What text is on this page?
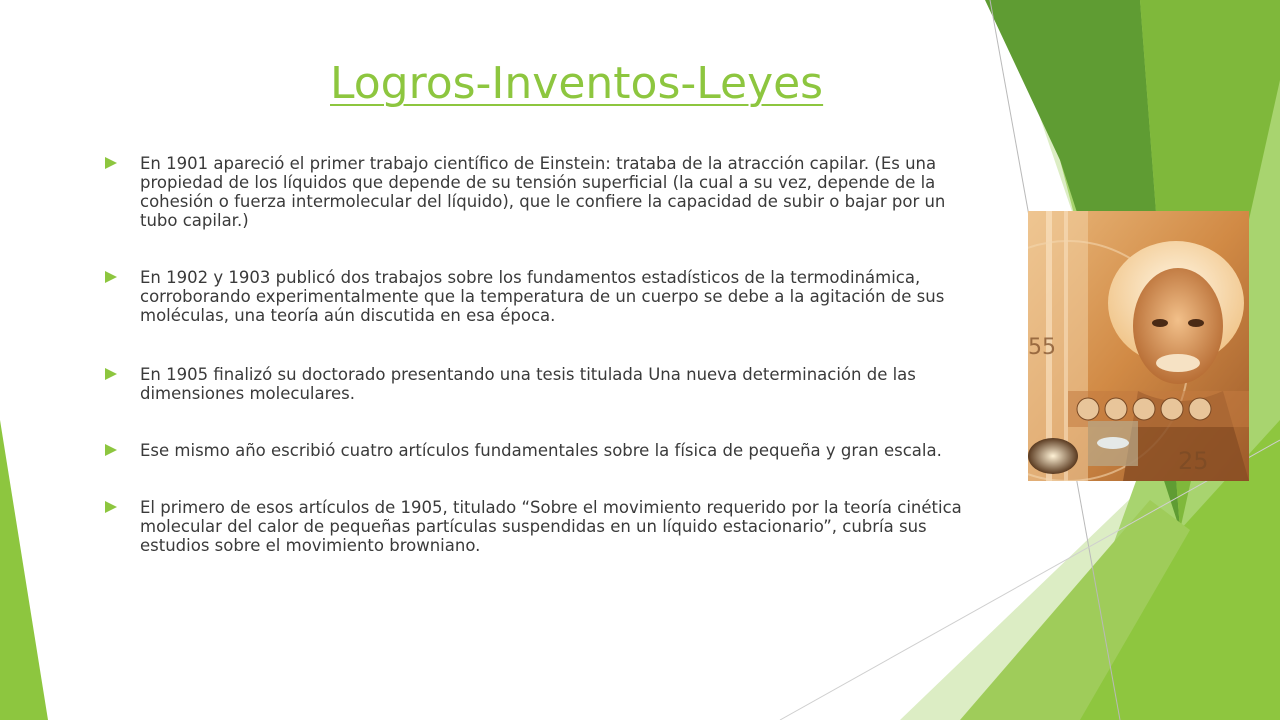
Logros-Inventos-Leyes
En 1901 apareció el primer trabajo científico de Einstein: trataba de la atracción capilar. (Es una propiedad de los líquidos que depende de su tensión superficial (la cual a su vez, depende de la cohesión o fuerza intermolecular del líquido), que le confiere la capacidad de subir o bajar por un tubo capilar.)
En 1902 y 1903 publicó dos trabajos sobre los fundamentos estadísticos de la termodinámica, corroborando experimentalmente que la temperatura de un cuerpo se debe a la agitación de sus moléculas, una teoría aún discutida en esa época.
En 1905 finalizó su doctorado presentando una tesis titulada Una nueva determinación de las dimensiones moleculares.
Ese mismo año escribió cuatro artículos fundamentales sobre la física de pequeña y gran escala.
El primero de esos artículos de 1905, titulado “Sobre el movimiento requerido por la teoría cinética molecular del calor de pequeñas partículas suspendidas en un líquido estacionario”, cubría sus estudios sobre el movimiento browniano.
55
25
